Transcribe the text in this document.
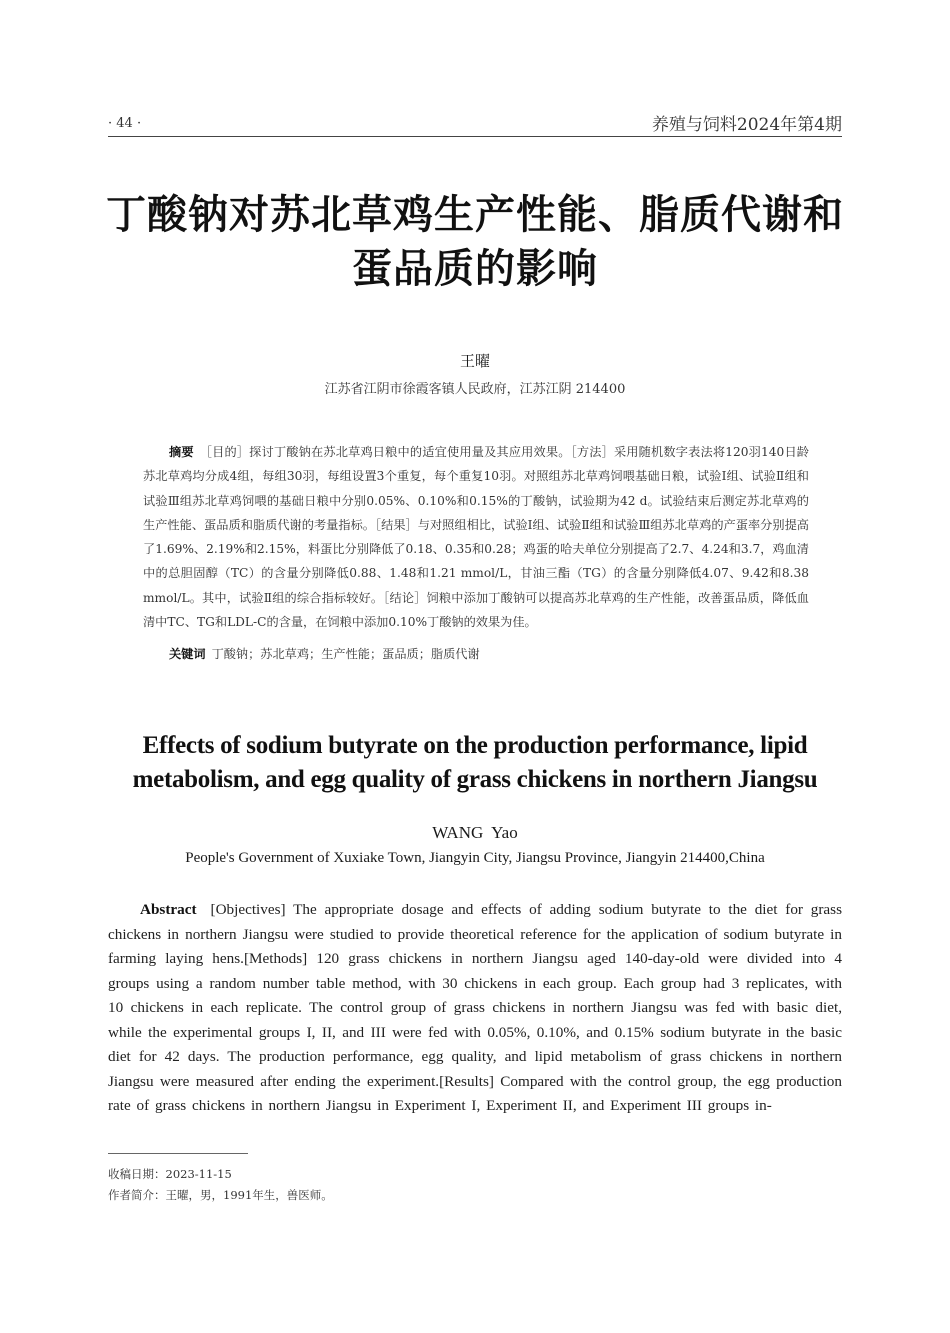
· 44 ·	养殖与饲料2024年第4期
丁酸钠对苏北草鸡生产性能、脂质代谢和蛋品质的影响
王曜
江苏省江阴市徐霞客镇人民政府，江苏江阴 214400
摘要 ［目的］探讨丁酸钠在苏北草鸡日粮中的适宜使用量及其应用效果。［方法］采用随机数字表法将120羽140日龄苏北草鸡均分成4组，每组30羽，每组设置3个重复，每个重复10羽。对照组苏北草鸡饲喂基础日粮，试验Ⅰ组、试验Ⅱ组和试验Ⅲ组苏北草鸡饲喂的基础日粮中分别0.05%、0.10%和0.15%的丁酸钠，试验期为42 d。试验结束后测定苏北草鸡的生产性能、蛋品质和脂质代谢的考量指标。［结果］与对照组相比，试验Ⅰ组、试验Ⅱ组和试验Ⅲ组苏北草鸡的产蛋率分别提高了1.69%、2.19%和2.15%，料蛋比分别降低了0.18、0.35和0.28；鸡蛋的哈夫单位分别提高了2.7、4.24和3.7，鸡血清中的总胆固醇（TC）的含量分别降低0.88、1.48和1.21 mmol/L，甘油三酯（TG）的含量分别降低4.07、9.42和8.38 mmol/L。其中，试验Ⅱ组的综合指标较好。［结论］饲粮中添加丁酸钠可以提高苏北草鸡的生产性能，改善蛋品质，降低血清中TC、TG和LDL-C的含量，在饲粮中添加0.10%丁酸钠的效果为佳。
关键词 丁酸钠；苏北草鸡；生产性能；蛋品质；脂质代谢
Effects of sodium butyrate on the production performance, lipid metabolism, and egg quality of grass chickens in northern Jiangsu
WANG  Yao
People's Government of Xuxiake Town, Jiangyin City, Jiangsu Province, Jiangyin 214400,China
Abstract [Objectives] The appropriate dosage and effects of adding sodium butyrate to the diet for grass chickens in northern Jiangsu were studied to provide theoretical reference for the application of sodium butyrate in farming laying hens.[Methods] 120 grass chickens in northern Jiangsu aged 140-day-old were divided into 4 groups using a random number table method, with 30 chickens in each group. Each group had 3 replicates, with 10 chickens in each replicate. The control group of grass chickens in northern Jiangsu was fed with basic diet, while the experimental groups I, II, and III were fed with 0.05%, 0.10%, and 0.15% sodium butyrate in the basic diet for 42 days. The production performance, egg quality, and lipid metabolism of grass chickens in northern Jiangsu were measured after ending the experiment.[Results] Compared with the control group, the egg production rate of grass chickens in northern Jiangsu in Experiment I, Experiment II, and Experiment III groups in-
收稿日期：2023-11-15
作者简介：王曜，男，1991年生，兽医师。
